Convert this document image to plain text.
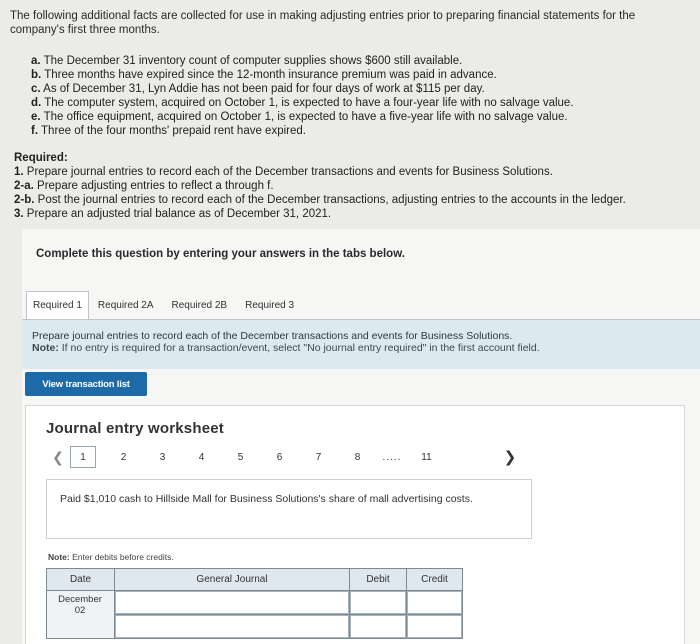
The following additional facts are collected for use in making adjusting entries prior to preparing financial statements for the company's first three months.

a. The December 31 inventory count of computer supplies shows $600 still available.
b. Three months have expired since the 12-month insurance premium was paid in advance.
c. As of December 31, Lyn Addie has not been paid for four days of work at $115 per day.
d. The computer system, acquired on October 1, is expected to have a four-year life with no salvage value.
e. The office equipment, acquired on October 1, is expected to have a five-year life with no salvage value.
f. Three of the four months' prepaid rent have expired.
Required:
1. Prepare journal entries to record each of the December transactions and events for Business Solutions.
2-a. Prepare adjusting entries to reflect a through f.
2-b. Post the journal entries to record each of the December transactions, adjusting entries to the accounts in the ledger.
3. Prepare an adjusted trial balance as of December 31, 2021.
Complete this question by entering your answers in the tabs below.
Required 1	Required 2A	Required 2B	Required 3
Prepare journal entries to record each of the December transactions and events for Business Solutions.
Note: If no entry is required for a transaction/event, select "No journal entry required" in the first account field.
View transaction list
Journal entry worksheet
❮	1	2	3	4	5	6	7	8	.....	11	❯
Paid $1,010 cash to Hillside Mall for Business Solutions's share of mall advertising costs.
Note: Enter debits before credits.
Date	General Journal	Debit	Credit

December
02
